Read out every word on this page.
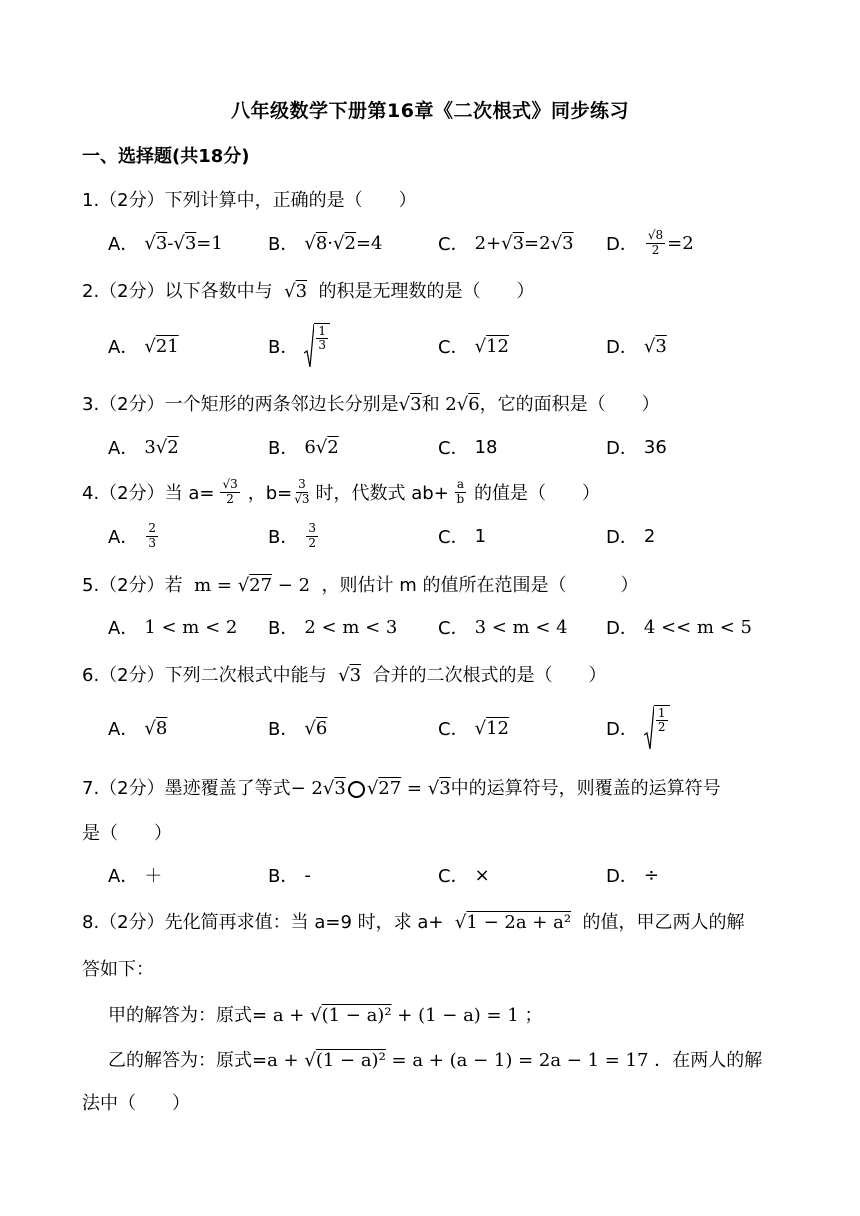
八年级数学下册第16章《二次根式》同步练习
一、选择题(共18分)
1.（2分）下列计算中，正确的是（　　）
A． √ 3 -√ 3 =1	B． √ 8 ·√ 2 =4	C． 2+√ 3 =2√ 3 D． $\frac{√8}{2} =2$
2.（2分）以下各数中与  √3 的积是无理数的是（　　）
A． √21	B． $\frac{1}{3}$	C． √12	D． √3
3.（2分）一个矩形的两条邻边长分别是√3和 2√6，它的面积是（　　）
A． 3√2	B． 6√2	C． 18	D． 36
4.（2分）当 $a= \frac{√3}{2}$ ，$b= \frac{3}{√3}$ 时，代数式 $ab+ \frac{a}{b}$ 的值是（　　）
A． $\frac{2}{3}$	B． $\frac{3}{2}$	C． 1	D． 2
5.（2分）若  m = √27 − 2  ，则估计 m 的值所在范围是（　　　）
A． 1 < m < 2 B． 2 < m < 3 C． 3 < m < 4 D． 4 << m < 5
6.（2分）下列二次根式中能与  √3 合并的二次根式的是（　　）
A． √8	B． √6	C． √12	D． $\frac{1}{2}$
7.（2分）墨迹覆盖了等式− 2√3 √27 = √3中的运算符号，则覆盖的运算符号
是（　　）
A． ＋	B． -	C． ×	D． ÷
8.（2分）先化简再求值：当 a=9 时，求 a+  √1 − 2a + a² 的值，甲乙两人的解
答如下：
甲的解答为：原式= a + √(1 − a)² + (1 − a) = 1 ；
乙的解答为：原式=a + √(1 − a)² = a + (a − 1) = 2a − 1 = 17 ．在两人的解
法中（　　）
